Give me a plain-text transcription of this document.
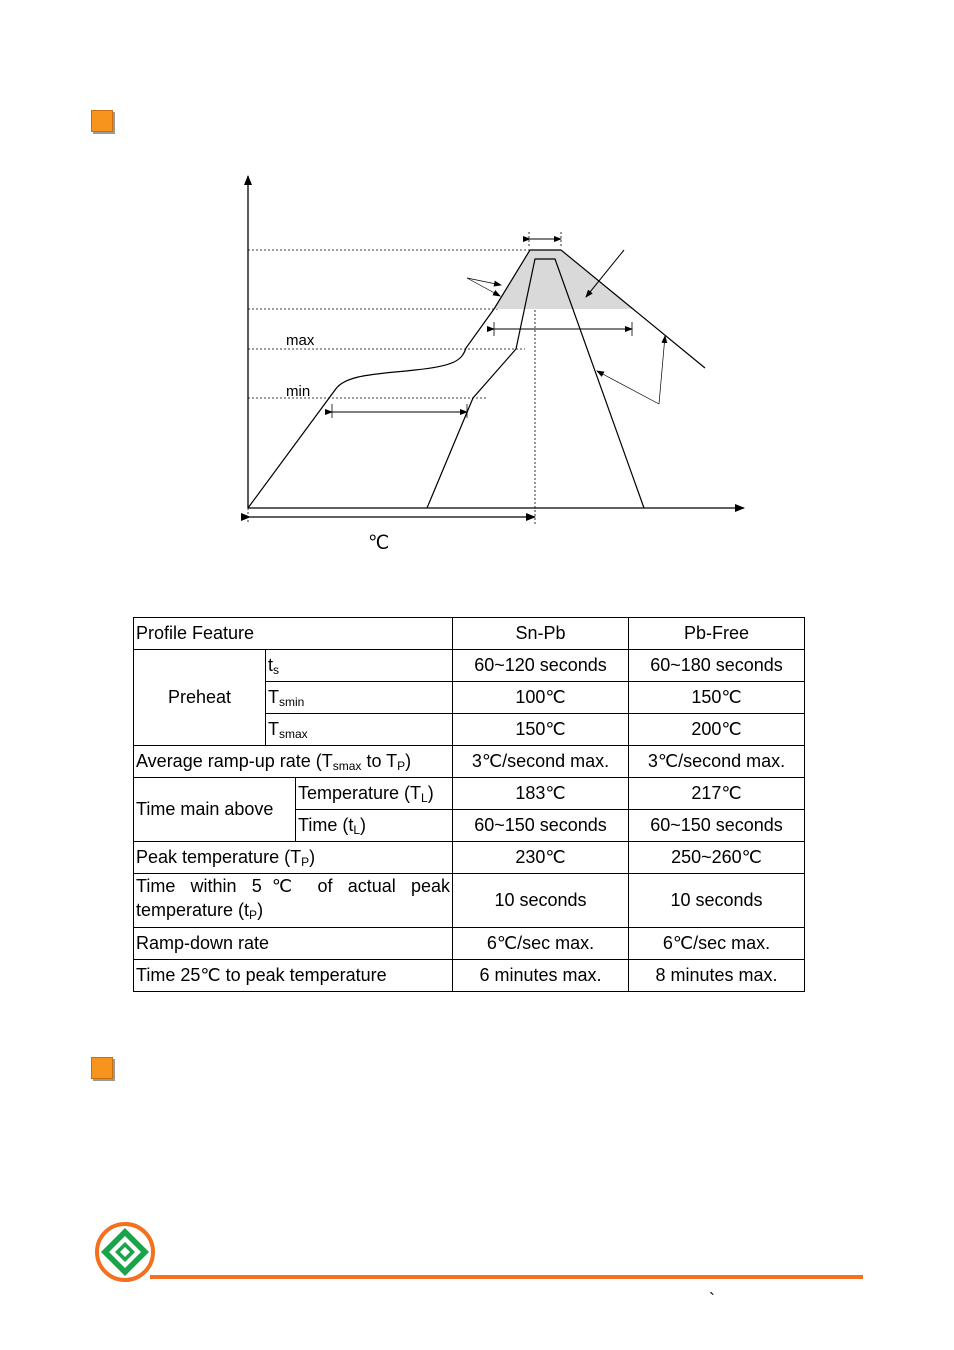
max
min
℃
Profile Feature			Sn-Pb	Pb-Free
Preheat	$t_s$		60~120 seconds	60~180 seconds
	$T_{smin}$		100℃	150℃
	$T_{smax}$		150℃	200℃
Average ramp-up rate ($T_{smax}$ to $T_P$)			3℃/second max.	3℃/second max.
Time main above		Temperature $(T_L)$	183℃	217℃
		Time $(t_L)$	60~150 seconds	60~150 seconds
Peak temperature $(T_P)$			230℃	250~260℃

Time within 5℃ of actual peak
temperature $(t_P)$			10 seconds	10 seconds
Ramp-down rate			6℃/sec max.	6℃/sec max.
Time 25℃ to peak temperature			6 minutes max.	8 minutes max.
`
